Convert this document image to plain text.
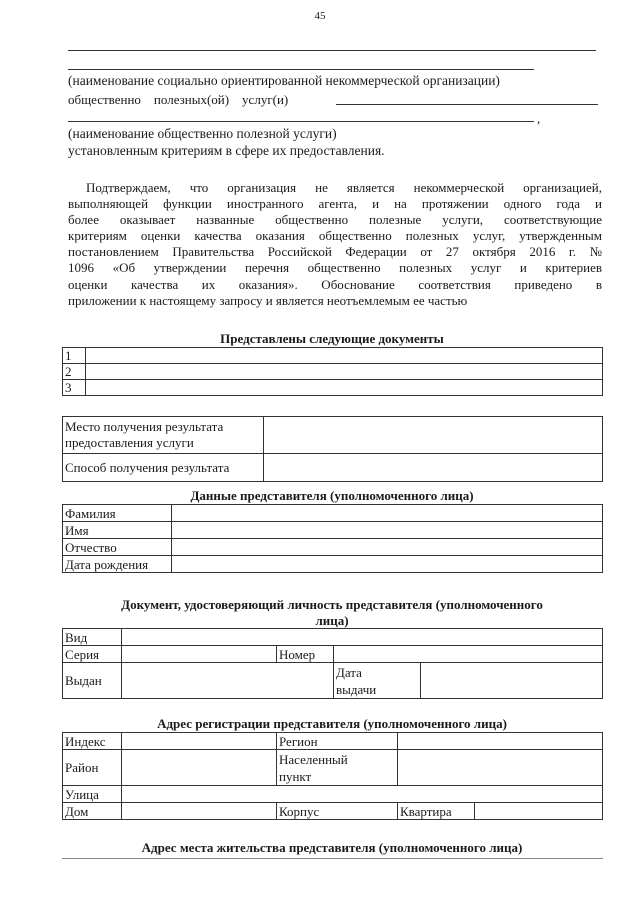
45
(наименование социально ориентированной некоммерческой организации)
общественно    полезных(ой)    услуг(и)
,
(наименование общественно полезной услуги)
установленным критериям в сфере их предоставления.
Подтверждаем, что организация не является некоммерческой организацией,
выполняющей функции иностранного агента, и на протяжении одного года и
более оказывает названные общественно полезные услуги, соответствующие
критериям оценки качества оказания общественно полезных услуг, утвержденным
постановлением Правительства Российской Федерации от 27 октября 2016 г. №
1096 «Об утверждении перечня общественно полезных услуг и критериев
оценки качества их оказания». Обоснование соответствия приведено в
приложении к настоящему запросу и является неотъемлемым ее частью
Представлены следующие документы
1	
2	
3	
Место получения результата
предоставления услуги	
Способ получения результата	
Данные представителя (уполномоченного лица)
Фамилия	
Имя	
Отчество	
Дата рождения	
Документ, удостоверяющий личность представителя (уполномоченного
лица)
Вид				
Серия		Номер		
Выдан			Дата
выдачи	
Адрес регистрации представителя (уполномоченного лица)
Индекс		Регион		
Район		Населенный
пункт		
Улица				
Дом		Корпус	Квартира	
Адрес места жительства представителя (уполномоченного лица)
